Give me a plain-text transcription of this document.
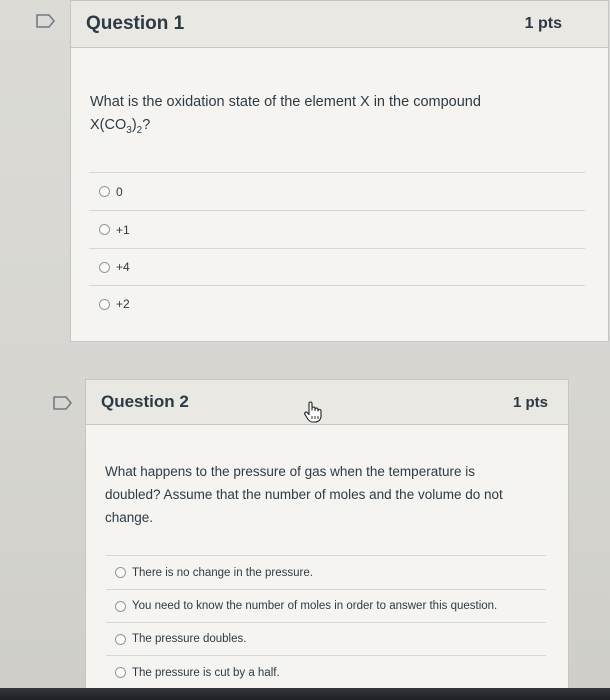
Question 1	1 pts
What is the oxidation state of the element X in the compound
$X(CO_3)_2$?
0
+1
+4
+2
Question 2	1 pts
What happens to the pressure of gas when the temperature is
doubled? Assume that the number of moles and the volume do not
change.
There is no change in the pressure.
You need to know the number of moles in order to answer this question.
The pressure doubles.
The pressure is cut by a half.
